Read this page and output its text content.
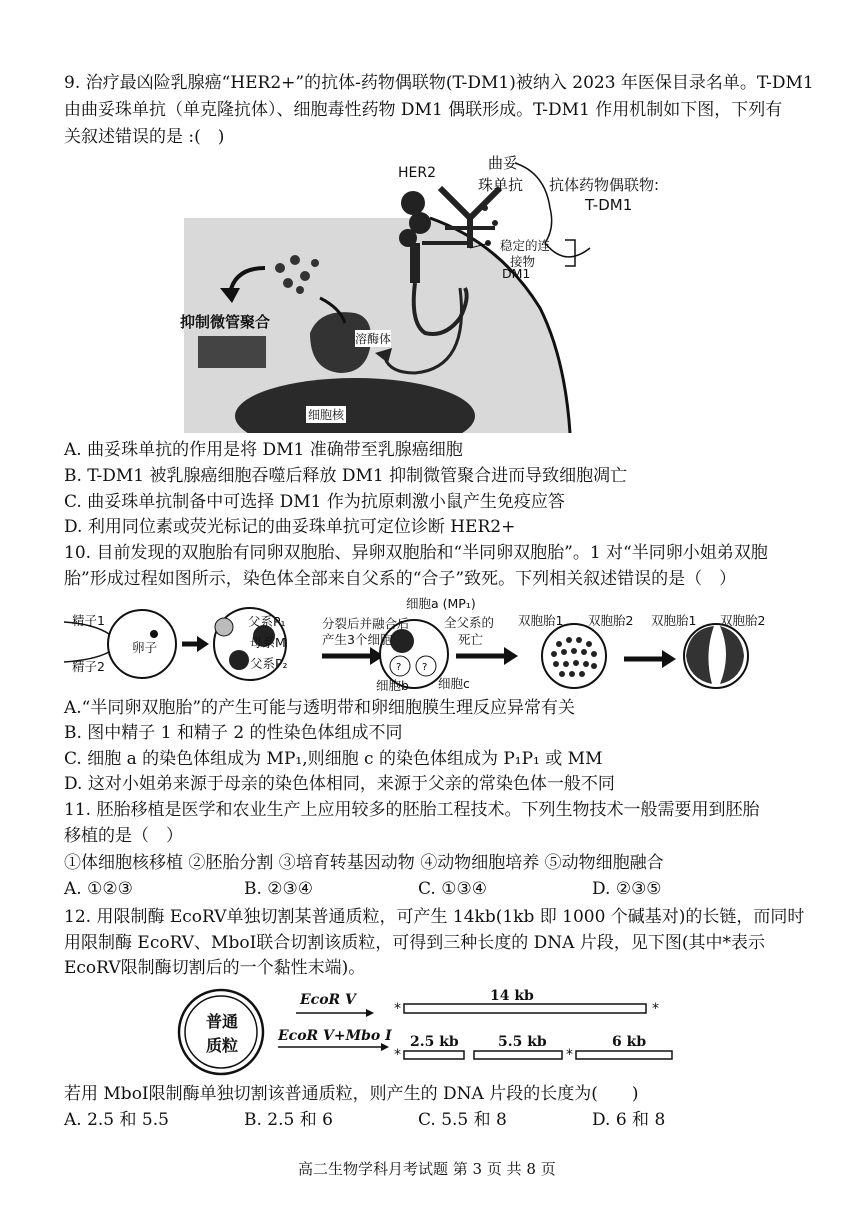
9. 治疗最凶险乳腺癌“HER2+”的抗体-药物偶联物(T-DM1)被纳入 2023 年医保目录名单。T-DM1
由曲妥珠单抗（单克隆抗体）、细胞毒性药物 DM1 偶联形成。T-DM1 作用机制如下图，下列有
关叙述错误的是 :(　)
HER2
曲妥
珠单抗 抗体药物偶联物:
T-DM1
稳定的连
接物
DM1
抑制微管聚合
溶酶体
细胞核
A. 曲妥珠单抗的作用是将 DM1 准确带至乳腺癌细胞
B. T-DM1 被乳腺癌细胞吞噬后释放 DM1 抑制微管聚合进而导致细胞凋亡
C. 曲妥珠单抗制备中可选择 DM1 作为抗原刺激小鼠产生免疫应答
D. 利用同位素或荧光标记的曲妥珠单抗可定位诊断 HER2+
10. 目前发现的双胞胎有同卵双胞胎、异卵双胞胎和“半同卵双胞胎”。1 对“半同卵小姐弟双胞
胎”形成过程如图所示，染色体全部来自父系的“合子”致死。下列相关叙述错误的是（　）
? ?
精子1
精子2
卵子
父系P₁
母系M
父系P₂
分裂后并融合后
产生3个细胞
细胞a (MP₁)
全父系的
死亡
细胞b 细胞c
双胞胎1 双胞胎2 双胞胎1 双胞胎2
A.“半同卵双胞胎”的产生可能与透明带和卵细胞膜生理反应异常有关
B. 图中精子 1 和精子 2 的性染色体组成不同
C. 细胞 a 的染色体组成为 MP₁,则细胞 c 的染色体组成为 P₁P₁ 或 MM
D. 这对小姐弟来源于母亲的染色体相同，来源于父亲的常染色体一般不同
11. 胚胎移植是医学和农业生产上应用较多的胚胎工程技术。下列生物技术一般需要用到胚胎
移植的是（　）
①体细胞核移植 ②胚胎分割 ③培育转基因动物 ④动物细胞培养 ⑤动物细胞融合
A. ①②③	B. ②③④	C. ①③④	D. ②③⑤
12. 用限制酶 EcoRV单独切割某普通质粒，可产生 14kb(1kb 即 1000 个碱基对)的长链，而同时
用限制酶 EcoRV、MboI联合切割该质粒，可得到三种长度的 DNA 片段，见下图(其中*表示
EcoRV限制酶切割后的一个黏性末端)。
普通
质粒
EcoR V
EcoR V+Mbo Ⅰ
14 kb
2.5 kb	5.5 kb	6 kb
*	*
*	*
若用 MboI限制酶单独切割该普通质粒，则产生的 DNA 片段的长度为(　　)
A. 2.5 和 5.5	B. 2.5 和 6	C. 5.5 和 8	D. 6 和 8
高二生物学科月考试题 第 3 页 共 8 页
